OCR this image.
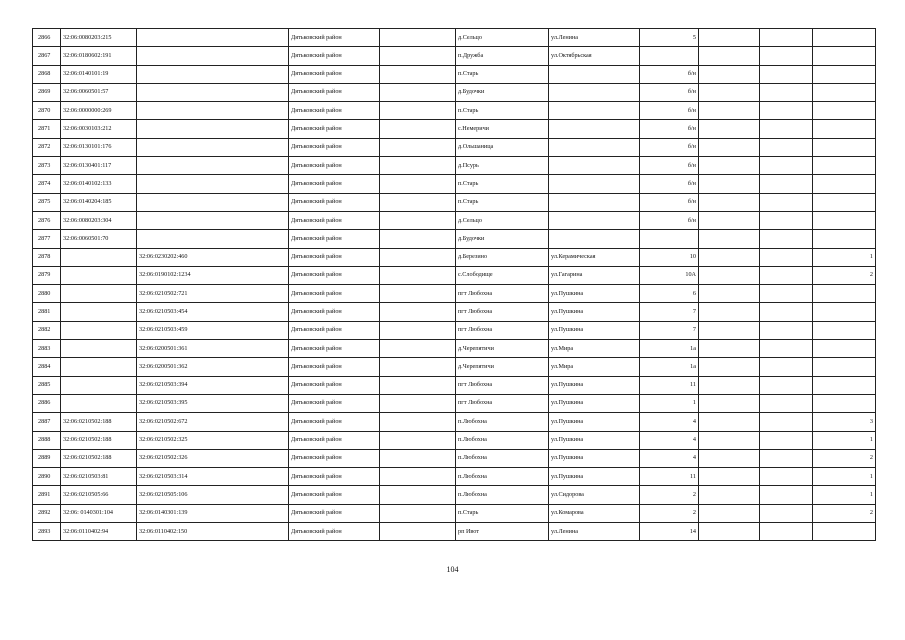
2866	32:06:0080203:215		Дятьковский район		д.Сельцо	ул.Ленина	5			
2867	32:06:0180602:191		Дятьковский район		п.Дружба	ул.Октябрьская				
2868	32:06:0140101:19		Дятьковский район		п.Старь		б/н			
2869	32:06:0060501:57		Дятьковский район		д.Будочки		б/н			
2870	32:06:0000000:269		Дятьковский район		п.Старь		б/н			
2871	32:06:0030103:212		Дятьковский район		с.Немеричи		б/н			
2872	32:06:0130101:176		Дятьковский район		д.Ольшаница		б/н			
2873	32:06:0130401:117		Дятьковский район		д.Псурь		б/н			
2874	32:06:0140102:133		Дятьковский район		п.Старь		б/н			
2875	32:06:0140204:185		Дятьковский район		п.Старь		б/н			
2876	32:06:0080203:304		Дятьковский район		д.Сельцо		б/н			
2877	32:06:0060501:70		Дятьковский район		д.Будочки					
2878		32:06:0230202:460	Дятьковский район		д.Березино	ул.Керамическая	10			1
2879		32:06:0190102:1234	Дятьковский район		с.Слободище	ул.Гагарина	10А			2
2880		32:06:0210502:721	Дятьковский район		пгт Любохна	ул.Пушкина	6			
2881		32:06:0210503:454	Дятьковский район		пгт Любохна	ул.Пушкина	7			
2882		32:06:0210503:459	Дятьковский район		пгт Любохна	ул.Пушкина	7			
2883		32:06:0200501:361	Дятьковский район		д.Черепятичи	ул.Мира	1а			
2884		32:06:0200501:362	Дятьковский район		д.Черепятичи	ул.Мира	1а			
2885		32:06:0210503:394	Дятьковский район		пгт Любохна	ул.Пушкина	11			
2886		32:06:0210503:395	Дятьковский район		пгт Любохна	ул.Пушкина	1			
2887	32:06:0210502:188	32:06:0210502:672	Дятьковский район		п.Любохна	ул.Пушкина	4			3
2888	32:06:0210502:188	32:06:0210502:325	Дятьковский район		п.Любохна	ул.Пушкина	4			1
2889	32:06:0210502:188	32:06:0210502:326	Дятьковский район		п.Любохна	ул.Пушкина	4			2
2890	32:06:0210503:81	32:06:0210503:314	Дятьковский район		п.Любохна	ул.Пушкина	11			1
2891	32:06:0210505:66	32:06:0210505:106	Дятьковский район		п.Любохна	ул.Сидорова	2			1
2892	32:06: 0140301:104	32:06:0140301:139	Дятьковский район		п.Старь	ул.Комарова	2			2
2893	32:06:0110402:94	32:06:0110402:150	Дятьковский район		рп Ивот	ул.Ленина	14			
104
